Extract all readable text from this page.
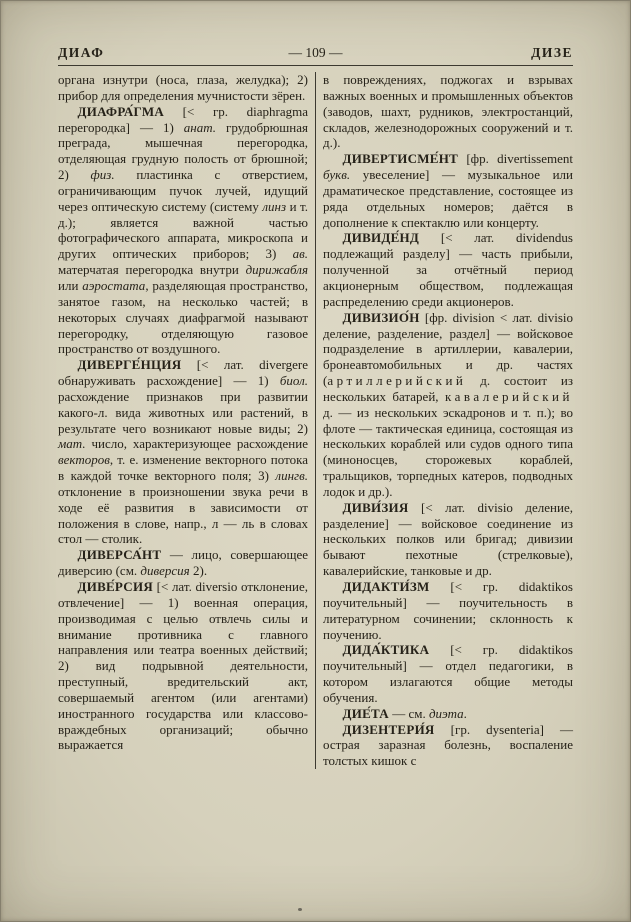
ДИАФ	— 109 —	ДИЗЕ

органа изнутри (носа, глаза, желудка); 2) прибор для определения мучнистости зёрен.

ДИАФРА́ГМА [< гр. diaphragma перегородка] — 1) анат. грудобрюшная преграда, мышечная перегородка, отделяющая грудную полость от брюшной; 2) физ. пластинка с отверстием, ограничивающим пучок лучей, идущий через оптическую систему (систему линз и т. д.); является важной частью фотографического аппарата, микроскопа и других оптических приборов; 3) ав. матерчатая перегородка внутри дирижабля или аэростата, разделяющая пространство, занятое газом, на несколько частей; в некоторых случаях диафрагмой называют перегородку, отделяющую газовое пространство от воздушного.

ДИВЕРГЕ́НЦИЯ [< лат. divergere обнаруживать расхождение] — 1) биол. расхождение признаков при развитии какого-л. вида животных или растений, в результате чего возникают новые виды; 2) мат. число, характеризующее расхождение векторов, т. е. изменение векторного потока в каждой точке векторного поля; 3) лингв. отклонение в произношении звука речи в ходе её развития в зависимости от положения в слове, напр., л — ль в словах стол — столик.

ДИВЕРСА́НТ — лицо, совершающее диверсию (см. диверсия 2).

ДИВЕ́РСИЯ [< лат. diversio отклонение, отвлечение] — 1) военная операция, производимая с целью отвлечь силы и внимание противника с главного направления или театра военных действий; 2) вид подрывной деятельности, преступный, вредительский акт, совершаемый агентом (или агентами) иностранного государства или классово-враждебных организаций; обычно выражается

в повреждениях, поджогах и взрывах важных военных и промышленных объектов (заводов, шахт, рудников, электростанций, складов, железнодорожных сооружений и т. д.).

ДИВЕРТИСМЕ́НТ [фр. divertissement букв. увеселение] — музыкальное или драматическое представление, состоящее из ряда отдельных номеров; даётся в дополнение к спектаклю или концерту.

ДИВИДЕ́НД [< лат. dividendus подлежащий разделу] — часть прибыли, полученной за отчётный период акционерным обществом, подлежащая распределению среди акционеров.

ДИВИЗИО́Н [фр. division < лат. divisio деление, разделение, раздел] — войсковое подразделение в артиллерии, кавалерии, бронеавтомобильных и др. частях (артиллерийский д. состоит из нескольких батарей, кавалерийский д. — из нескольких эскадронов и т. п.); во флоте — тактическая единица, состоящая из нескольких кораблей или судов одного типа (миноносцев, сторожевых кораблей, тральщиков, торпедных катеров, подводных лодок и др.).

ДИВИ́ЗИЯ [< лат. divisio деление, разделение] — войсковое соединение из нескольких полков или бригад; дивизии бывают пехотные (стрелковые), кавалерийские, танковые и др.

ДИДАКТИ́ЗМ [< гр. didaktikos поучительный] — поучительность в литературном сочинении; склонность к поучению.

ДИДА́КТИКА [< гр. didaktikos поучительный] — отдел педагогики, в котором излагаются общие методы обучения.

ДИЕ́ТА — см. диэта.

ДИЗЕНТЕРИ́Я [гр. dysenteria] — острая заразная болезнь, воспаление толстых кишок с
